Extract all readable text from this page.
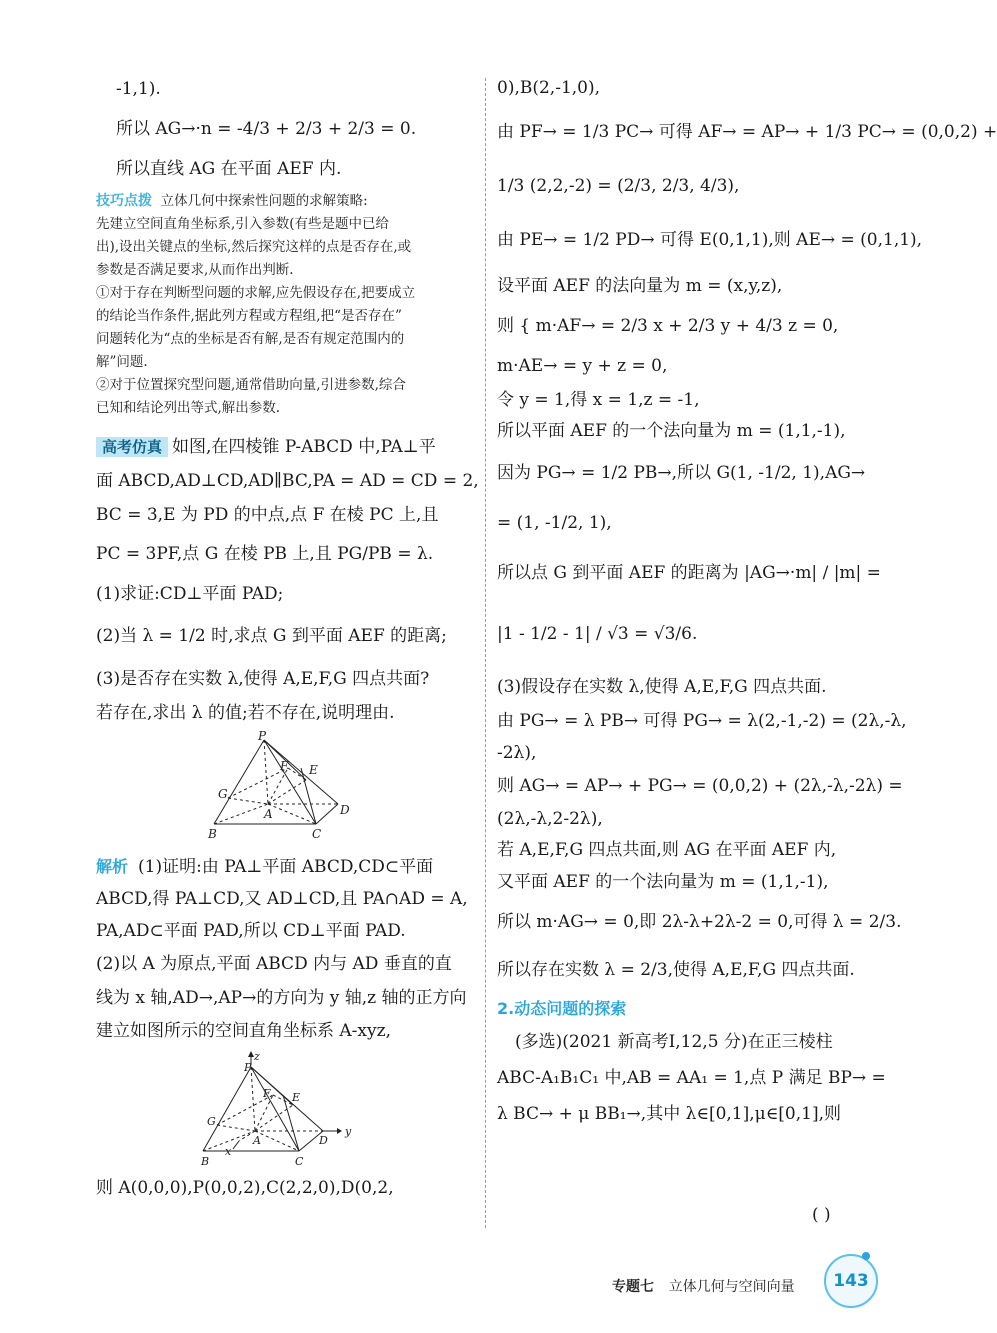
-1,1).

所以 AG→·n = -4/3 + 2/3 + 2/3 = 0.

所以直线 AG 在平面 AEF 内.

技巧点拨 立体几何中探索性问题的求解策略:

先建立空间直角坐标系,引入参数(有些是题中已给

出),设出关键点的坐标,然后探究这样的点是否存在,或

参数是否满足要求,从而作出判断.

①对于存在判断型问题的求解,应先假设存在,把要成立

的结论当作条件,据此列方程或方程组,把“是否存在”

问题转化为“点的坐标是否有解,是否有规定范围内的

解”问题.

②对于位置探究型问题,通常借助向量,引进参数,综合

已知和结论列出等式,解出参数.

高考仿真 如图,在四棱锥 P-ABCD 中,PA⊥平

面 ABCD,AD⊥CD,AD∥BC,PA = AD = CD = 2,

BC = 3,E 为 PD 的中点,点 F 在棱 PC 上,且

PC = 3PF,点 G 在棱 PB 上,且 PG/PB = λ.

(1)求证:CD⊥平面 PAD;

(2)当 λ = 1/2 时,求点 G 到平面 AEF 的距离;

(3)是否存在实数 λ,使得 A,E,F,G 四点共面?

若存在,求出 λ 的值;若不存在,说明理由.

P
F E
G
A	D
B	C

解析 (1)证明:由 PA⊥平面 ABCD,CD⊂平面

ABCD,得 PA⊥CD,又 AD⊥CD,且 PA∩AD = A,

PA,AD⊂平面 PAD,所以 CD⊥平面 PAD.

(2)以 A 为原点,平面 ABCD 内与 AD 垂直的直

线为 x 轴,AD→,AP→的方向为 y 轴,z 轴的正方向

建立如图所示的空间直角坐标系 A-xyz,

z
P
F E
G
A	D
y
B
x
C

则 A(0,0,0),P(0,0,2),C(2,2,0),D(0,2,

0),B(2,-1,0),

由 PF→ = 1/3 PC→ 可得 AF→ = AP→ + 1/3 PC→ = (0,0,2) +

1/3 (2,2,-2) = (2/3, 2/3, 4/3),

由 PE→ = 1/2 PD→ 可得 E(0,1,1),则 AE→ = (0,1,1),

设平面 AEF 的法向量为 m = (x,y,z),

则 { m·AF→ = 2/3 x + 2/3 y + 4/3 z = 0,

m·AE→ = y + z = 0,

令 y = 1,得 x = 1,z = -1,

所以平面 AEF 的一个法向量为 m = (1,1,-1),

因为 PG→ = 1/2 PB→,所以 G(1, -1/2, 1),AG→

= (1, -1/2, 1),

所以点 G 到平面 AEF 的距离为 |AG→·m| / |m| =

|1 - 1/2 - 1| / √3 = √3/6.

(3)假设存在实数 λ,使得 A,E,F,G 四点共面.

由 PG→ = λ PB→ 可得 PG→ = λ(2,-1,-2) = (2λ,-λ,

-2λ),

则 AG→ = AP→ + PG→ = (0,0,2) + (2λ,-λ,-2λ) =

(2λ,-λ,2-2λ),

若 A,E,F,G 四点共面,则 AG 在平面 AEF 内,

又平面 AEF 的一个法向量为 m = (1,1,-1),

所以 m·AG→ = 0,即 2λ-λ+2λ-2 = 0,可得 λ = 2/3.

所以存在实数 λ = 2/3,使得 A,E,F,G 四点共面.

2.动态问题的探索

(多选)(2021 新高考Ⅰ,12,5 分)在正三棱柱

ABC-A₁B₁C₁ 中,AB = AA₁ = 1,点 P 满足 BP→ =

λ BC→ + μ BB₁→,其中 λ∈[0,1],μ∈[0,1],则

( )
专题七 立体几何与空间向量	143
